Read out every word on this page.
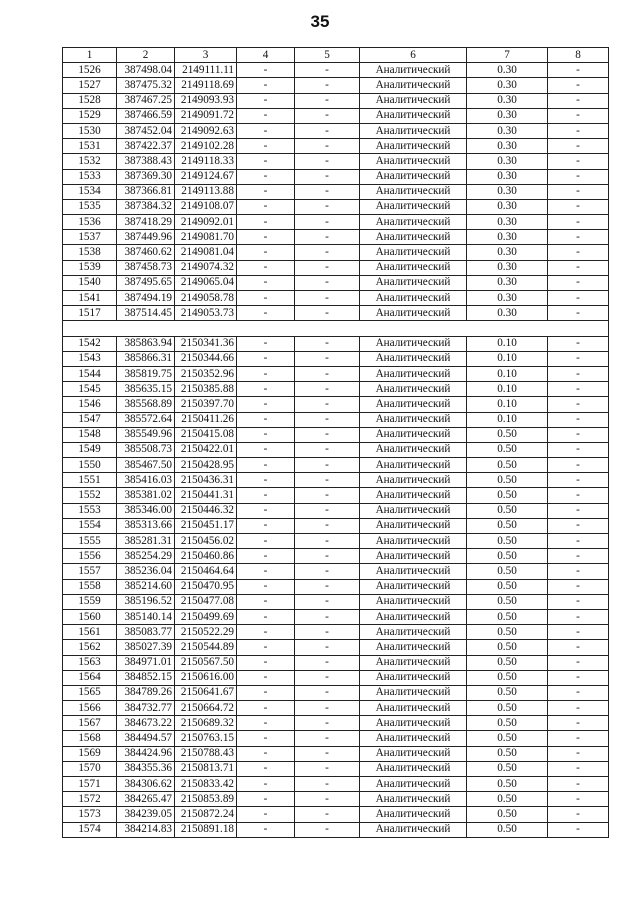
35
1	2	3	4	5	6	7	8
1526	387498.04	2149111.11	-	-	Аналитический	0.30	-
1527	387475.32	2149118.69	-	-	Аналитический	0.30	-
1528	387467.25	2149093.93	-	-	Аналитический	0.30	-
1529	387466.59	2149091.72	-	-	Аналитический	0.30	-
1530	387452.04	2149092.63	-	-	Аналитический	0.30	-
1531	387422.37	2149102.28	-	-	Аналитический	0.30	-
1532	387388.43	2149118.33	-	-	Аналитический	0.30	-
1533	387369.30	2149124.67	-	-	Аналитический	0.30	-
1534	387366.81	2149113.88	-	-	Аналитический	0.30	-
1535	387384.32	2149108.07	-	-	Аналитический	0.30	-
1536	387418.29	2149092.01	-	-	Аналитический	0.30	-
1537	387449.96	2149081.70	-	-	Аналитический	0.30	-
1538	387460.62	2149081.04	-	-	Аналитический	0.30	-
1539	387458.73	2149074.32	-	-	Аналитический	0.30	-
1540	387495.65	2149065.04	-	-	Аналитический	0.30	-
1541	387494.19	2149058.78	-	-	Аналитический	0.30	-
1517	387514.45	2149053.73	-	-	Аналитический	0.30	-

1542	385863.94	2150341.36	-	-	Аналитический	0.10	-
1543	385866.31	2150344.66	-	-	Аналитический	0.10	-
1544	385819.75	2150352.96	-	-	Аналитический	0.10	-
1545	385635.15	2150385.88	-	-	Аналитический	0.10	-
1546	385568.89	2150397.70	-	-	Аналитический	0.10	-
1547	385572.64	2150411.26	-	-	Аналитический	0.10	-
1548	385549.96	2150415.08	-	-	Аналитический	0.50	-
1549	385508.73	2150422.01	-	-	Аналитический	0.50	-
1550	385467.50	2150428.95	-	-	Аналитический	0.50	-
1551	385416.03	2150436.31	-	-	Аналитический	0.50	-
1552	385381.02	2150441.31	-	-	Аналитический	0.50	-
1553	385346.00	2150446.32	-	-	Аналитический	0.50	-
1554	385313.66	2150451.17	-	-	Аналитический	0.50	-
1555	385281.31	2150456.02	-	-	Аналитический	0.50	-
1556	385254.29	2150460.86	-	-	Аналитический	0.50	-
1557	385236.04	2150464.64	-	-	Аналитический	0.50	-
1558	385214.60	2150470.95	-	-	Аналитический	0.50	-
1559	385196.52	2150477.08	-	-	Аналитический	0.50	-
1560	385140.14	2150499.69	-	-	Аналитический	0.50	-
1561	385083.77	2150522.29	-	-	Аналитический	0.50	-
1562	385027.39	2150544.89	-	-	Аналитический	0.50	-
1563	384971.01	2150567.50	-	-	Аналитический	0.50	-
1564	384852.15	2150616.00	-	-	Аналитический	0.50	-
1565	384789.26	2150641.67	-	-	Аналитический	0.50	-
1566	384732.77	2150664.72	-	-	Аналитический	0.50	-
1567	384673.22	2150689.32	-	-	Аналитический	0.50	-
1568	384494.57	2150763.15	-	-	Аналитический	0.50	-
1569	384424.96	2150788.43	-	-	Аналитический	0.50	-
1570	384355.36	2150813.71	-	-	Аналитический	0.50	-
1571	384306.62	2150833.42	-	-	Аналитический	0.50	-
1572	384265.47	2150853.89	-	-	Аналитический	0.50	-
1573	384239.05	2150872.24	-	-	Аналитический	0.50	-
1574	384214.83	2150891.18	-	-	Аналитический	0.50	-
